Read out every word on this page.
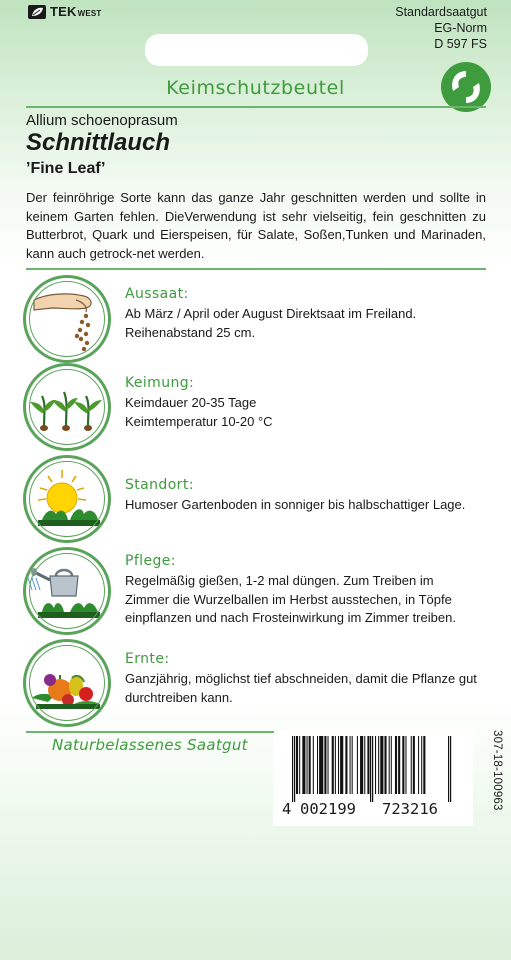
TEKWEST	Standardsaatgut
EG-Norm
D 597 FS
Keimschutzbeutel
Allium schoenoprasum
Schnittlauch
’Fine Leaf’
Der feinröhrige Sorte kann das ganze Jahr geschnitten werden und sollte in keinem Garten fehlen. DieVerwendung ist sehr vielseitig, fein geschnitten zu Butterbrot, Quark und Eierspeisen, für Salate, Soßen,Tunken und Marinaden, kann auch getrock-net werden.
Aussaat:
Ab März / April oder August Direktsaat im Freiland. Reihenabstand 25 cm.
Keimung:
Keimdauer 20-35 Tage
Keimtemperatur 10-20 °C
Standort:
Humoser Gartenboden in sonniger bis halbschattiger Lage.
Pflege:
Regelmäßig gießen, 1-2 mal düngen. Zum Treiben im Zimmer die Wurzelballen im Herbst ausstechen, in Töpfe einpflanzen und nach Frosteinwirkung im Zimmer treiben.
Ernte:
Ganzjährig, möglichst tief abschneiden, damit die Pflanze gut durchtreiben kann.
Naturbelassenes Saatgut
4 002199 723216	307-18-100963
